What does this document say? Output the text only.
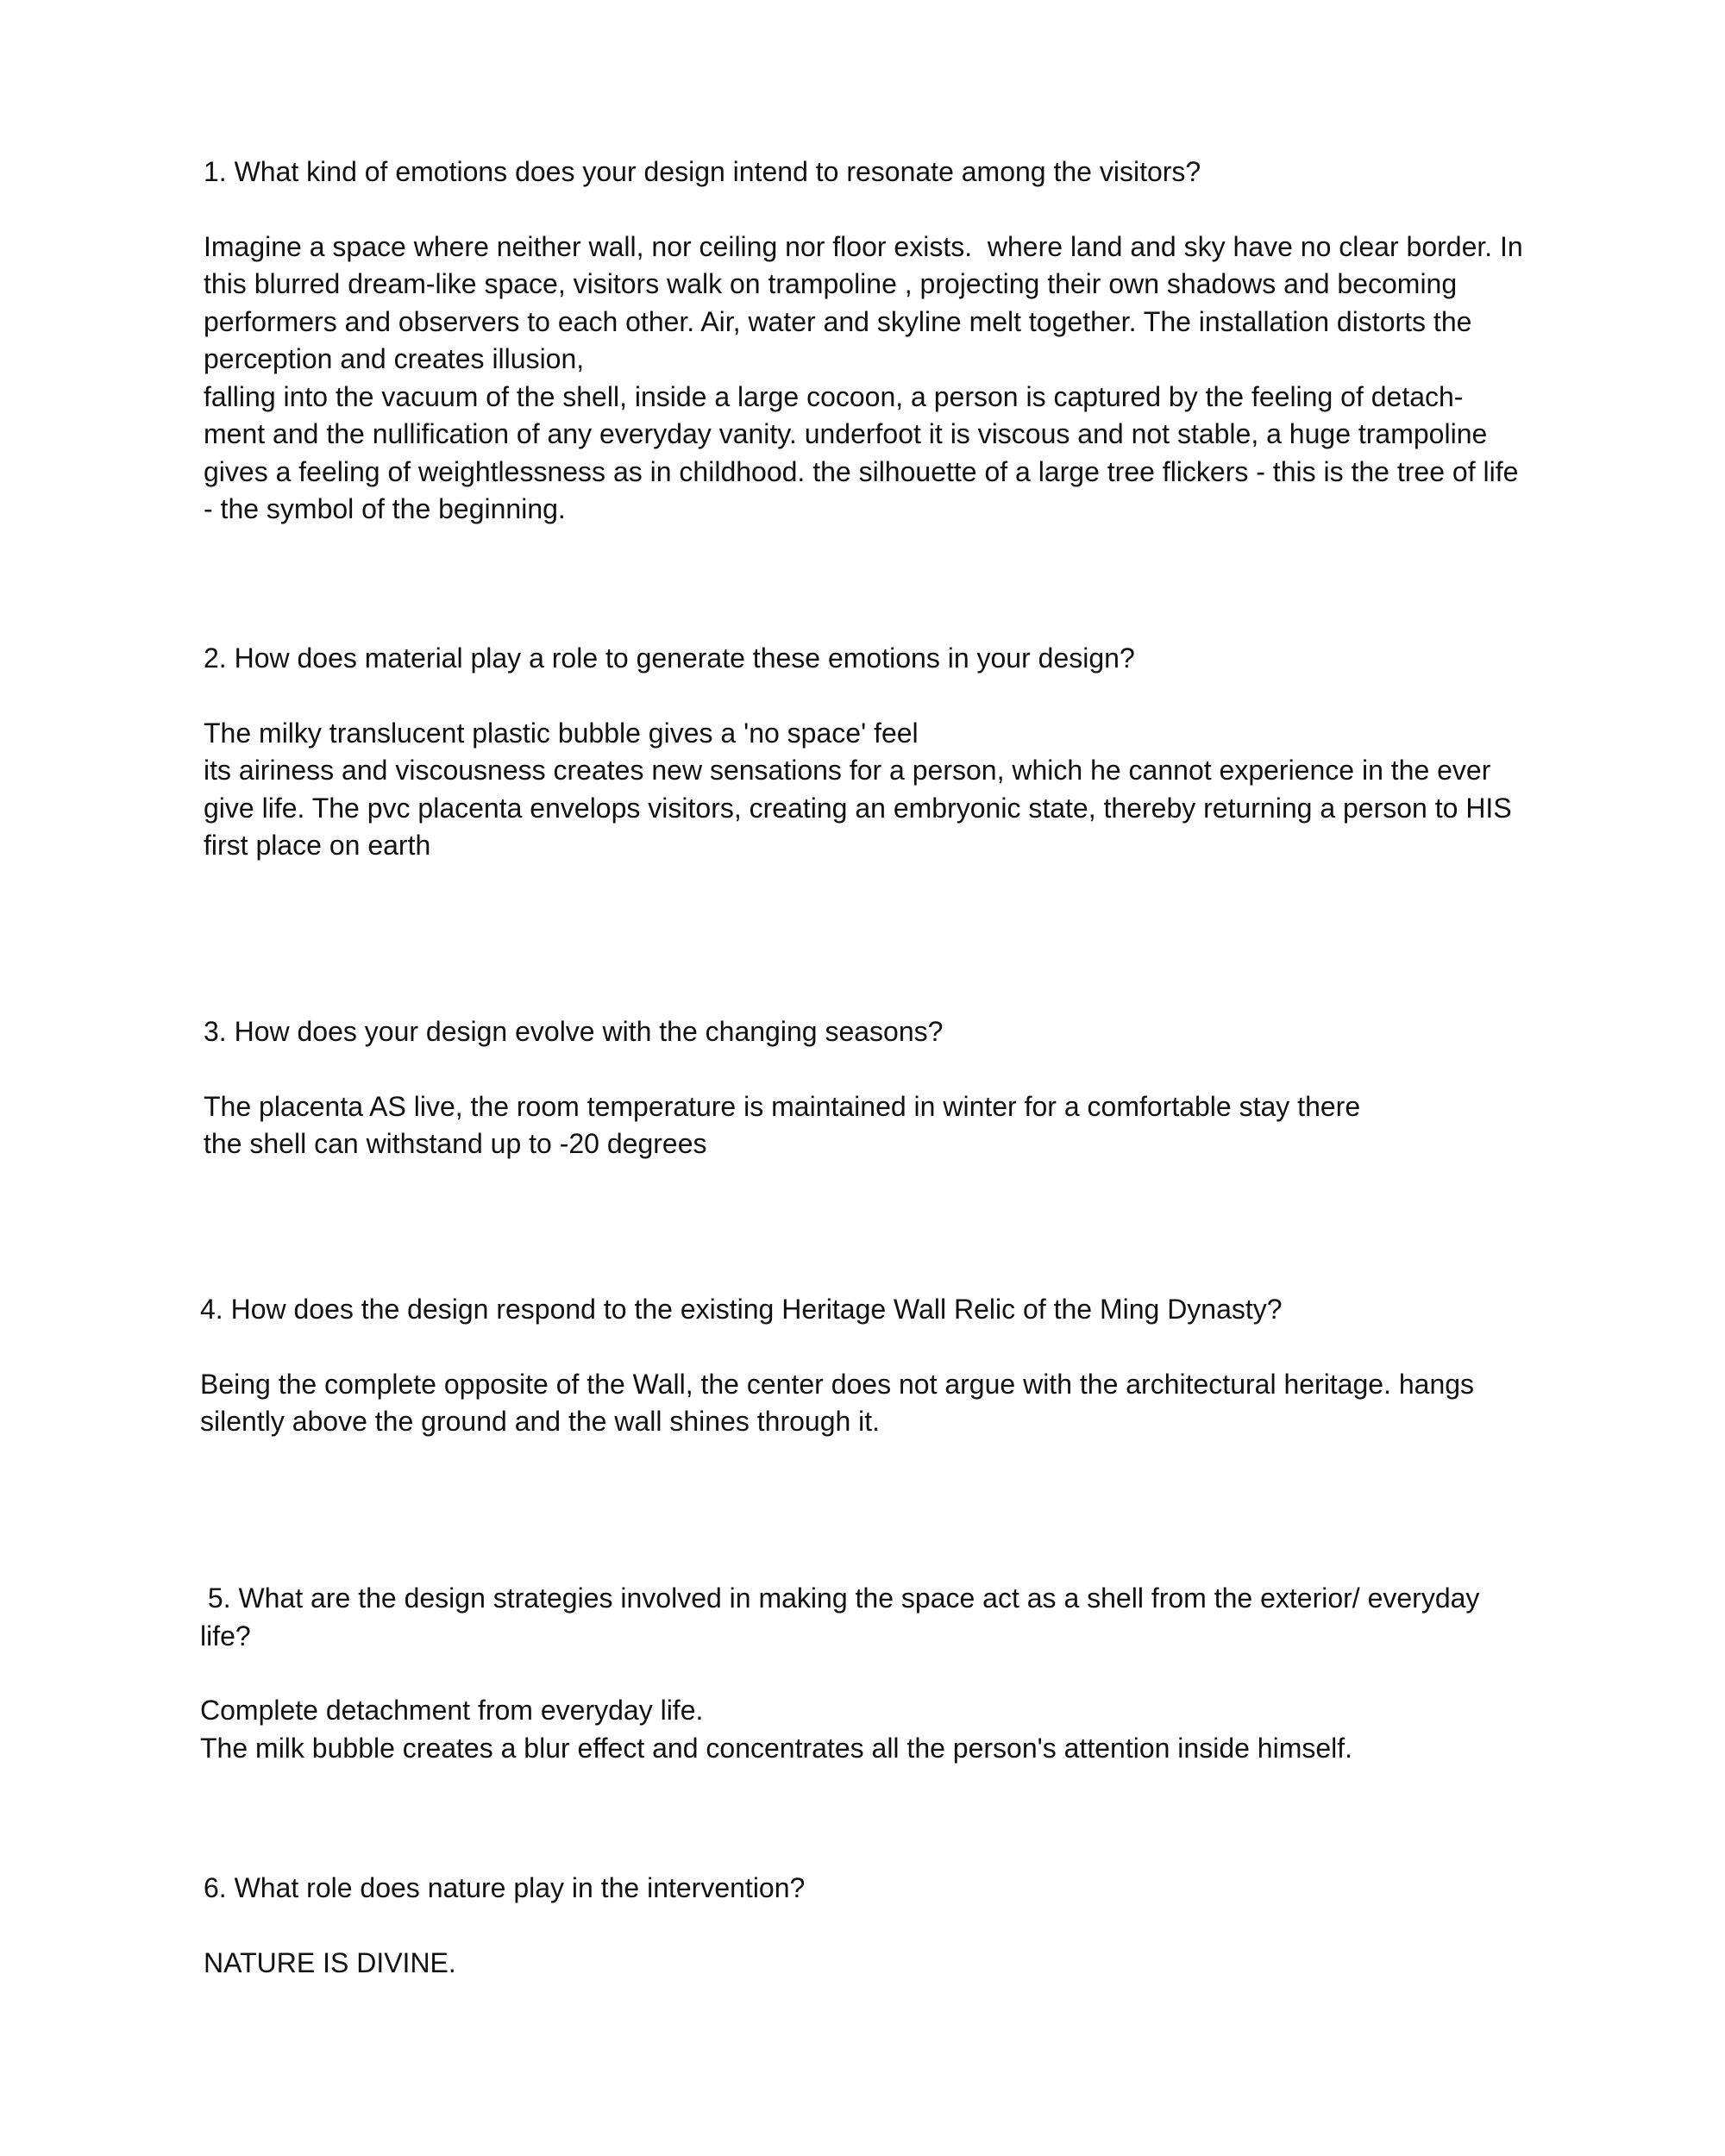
1. What kind of emotions does your design intend to resonate among the visitors?

Imagine a space where neither wall, nor ceiling nor floor exists.  where land and sky have no clear border. In

this blurred dream-like space, visitors walk on trampoline , projecting their own shadows and becoming

performers and observers to each other. Air, water and skyline melt together. The installation distorts the

perception and creates illusion,

falling into the vacuum of the shell, inside a large cocoon, a person is captured by the feeling of detach-

ment and the nullification of any everyday vanity. underfoot it is viscous and not stable, a huge trampoline

gives a feeling of weightlessness as in childhood. the silhouette of a large tree flickers - this is the tree of life

- the symbol of the beginning.

2. How does material play a role to generate these emotions in your design?

The milky translucent plastic bubble gives a 'no space' feel

its airiness and viscousness creates new sensations for a person, which he cannot experience in the ever

give life. The pvc placenta envelops visitors, creating an embryonic state, thereby returning a person to HIS

first place on earth

3. How does your design evolve with the changing seasons?

The placenta AS live, the room temperature is maintained in winter for a comfortable stay there

the shell can withstand up to -20 degrees

4. How does the design respond to the existing Heritage Wall Relic of the Ming Dynasty?

Being the complete opposite of the Wall, the center does not argue with the architectural heritage. hangs

silently above the ground and the wall shines through it.

5. What are the design strategies involved in making the space act as a shell from the exterior/ everyday

life?

Complete detachment from everyday life.

The milk bubble creates a blur effect and concentrates all the person's attention inside himself.

6. What role does nature play in the intervention?

NATURE IS DIVINE.
